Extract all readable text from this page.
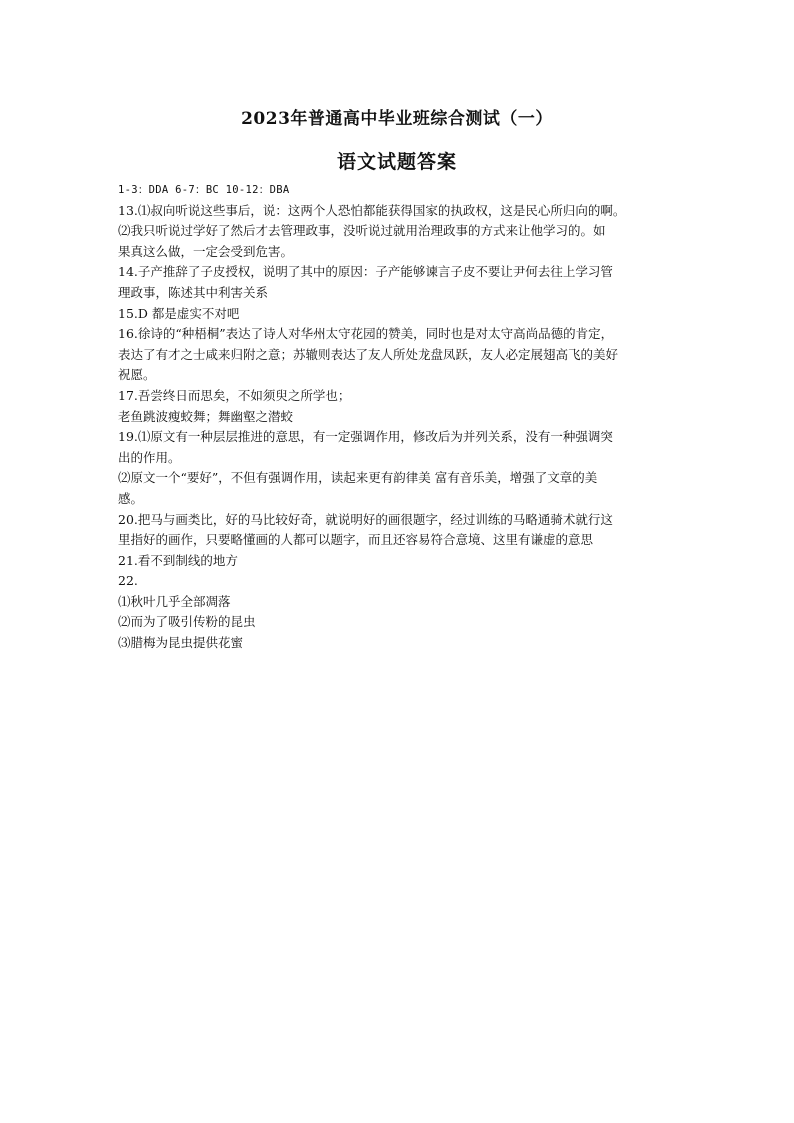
2023年普通高中毕业班综合测试（一）
语文试题答案
1-3：DDA 6-7：BC 10-12：DBA
13.⑴叔向听说这些事后，说：这两个人恐怕都能获得国家的执政权，这是民心所归向的啊。
⑵我只听说过学好了然后才去管理政事，没听说过就用治理政事的方式来让他学习的。如
果真这么做，一定会受到危害。
14.子产推辞了子皮授权，说明了其中的原因：子产能够谏言子皮不要让尹何去往上学习管
理政事，陈述其中利害关系
15.D 都是虚实不对吧
16.徐诗的“种梧桐”表达了诗人对华州太守花园的赞美，同时也是对太守高尚品德的肯定，
表达了有才之士咸来归附之意；苏辙则表达了友人所处龙盘凤跃，友人必定展翅高飞的美好
祝愿。
17.吾尝终日而思矣，不如须臾之所学也；
老鱼跳波瘦蛟舞；舞幽壑之潜蛟
19.⑴原文有一种层层推进的意思，有一定强调作用，修改后为并列关系，没有一种强调突
出的作用。
⑵原文一个“要好”，不但有强调作用，读起来更有韵律美 富有音乐美，增强了文章的美
感。
20.把马与画类比，好的马比较好奇，就说明好的画很题字，经过训练的马略通骑术就行这
里指好的画作，只要略懂画的人都可以题字，而且还容易符合意境、这里有谦虚的意思
21.看不到制线的地方
22.
⑴秋叶几乎全部凋落
⑵而为了吸引传粉的昆虫
⑶腊梅为昆虫提供花蜜
